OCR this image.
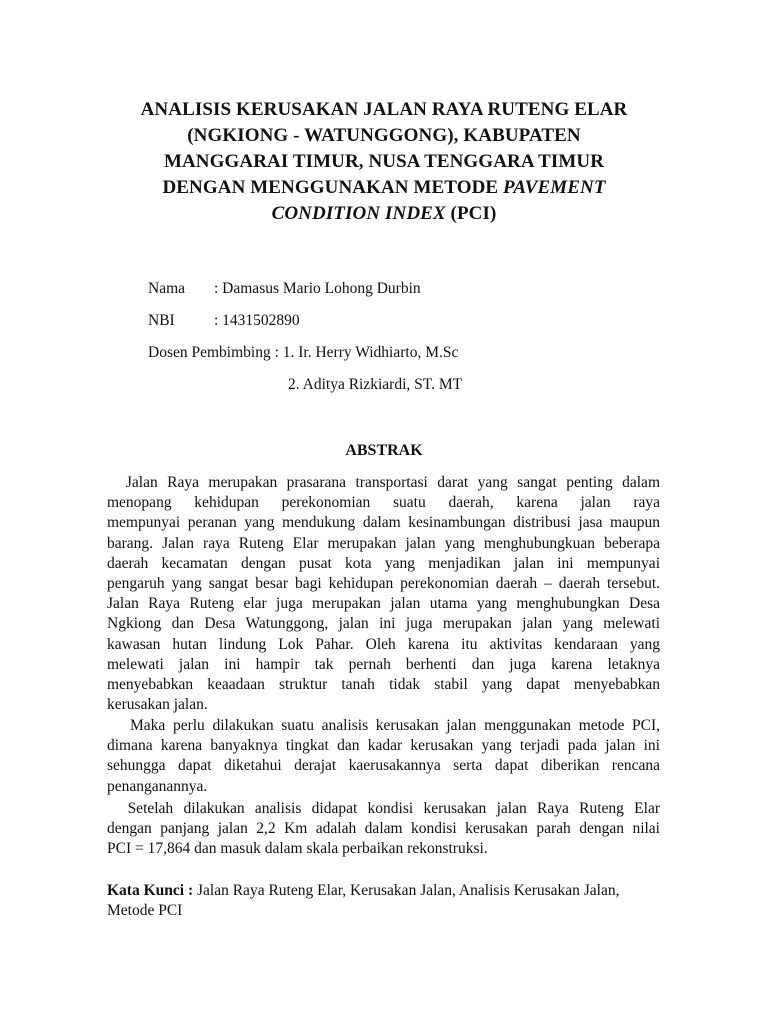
ANALISIS KERUSAKAN JALAN RAYA RUTENG ELAR
(NGKIONG - WATUNGGONG), KABUPATEN
MANGGARAI TIMUR, NUSA TENGGARA TIMUR
DENGAN MENGGUNAKAN METODE PAVEMENT
CONDITION INDEX (PCI)
Nama : Damasus Mario Lohong Durbin
NBI	: 1431502890
Dosen Pembimbing : 1. Ir. Herry Widhiarto, M.Sc
2. Aditya Rizkiardi, ST. MT
ABSTRAK
Jalan Raya merupakan prasarana transportasi darat yang sangat penting dalam
menopang kehidupan perekonomian suatu daerah, karena jalan raya
mempunyai peranan yang mendukung dalam kesinambungan distribusi jasa maupun
barang. Jalan raya Ruteng Elar merupakan jalan yang menghubungkuan beberapa
daerah kecamatan dengan pusat kota yang menjadikan jalan ini mempunyai
pengaruh yang sangat besar bagi kehidupan perekonomian daerah – daerah tersebut.
Jalan Raya Ruteng elar juga merupakan jalan utama yang menghubungkan Desa
Ngkiong dan Desa Watunggong, jalan ini juga merupakan jalan yang melewati
kawasan hutan lindung Lok Pahar. Oleh karena itu aktivitas kendaraan yang
melewati jalan ini hampir tak pernah berhenti dan juga karena letaknya
menyebabkan keaadaan struktur tanah tidak stabil yang dapat menyebabkan
kerusakan jalan.
Maka perlu dilakukan suatu analisis kerusakan jalan menggunakan metode PCI,
dimana karena banyaknya tingkat dan kadar kerusakan yang terjadi pada jalan ini
sehungga dapat diketahui derajat kaerusakannya serta dapat diberikan rencana
penanganannya.
Setelah dilakukan analisis didapat kondisi kerusakan jalan Raya Ruteng Elar
dengan panjang jalan 2,2 Km adalah dalam kondisi kerusakan parah dengan nilai
PCI = 17,864 dan masuk dalam skala perbaikan rekonstruksi.
Kata Kunci : Jalan Raya Ruteng Elar, Kerusakan Jalan, Analisis Kerusakan Jalan,
Metode PCI
